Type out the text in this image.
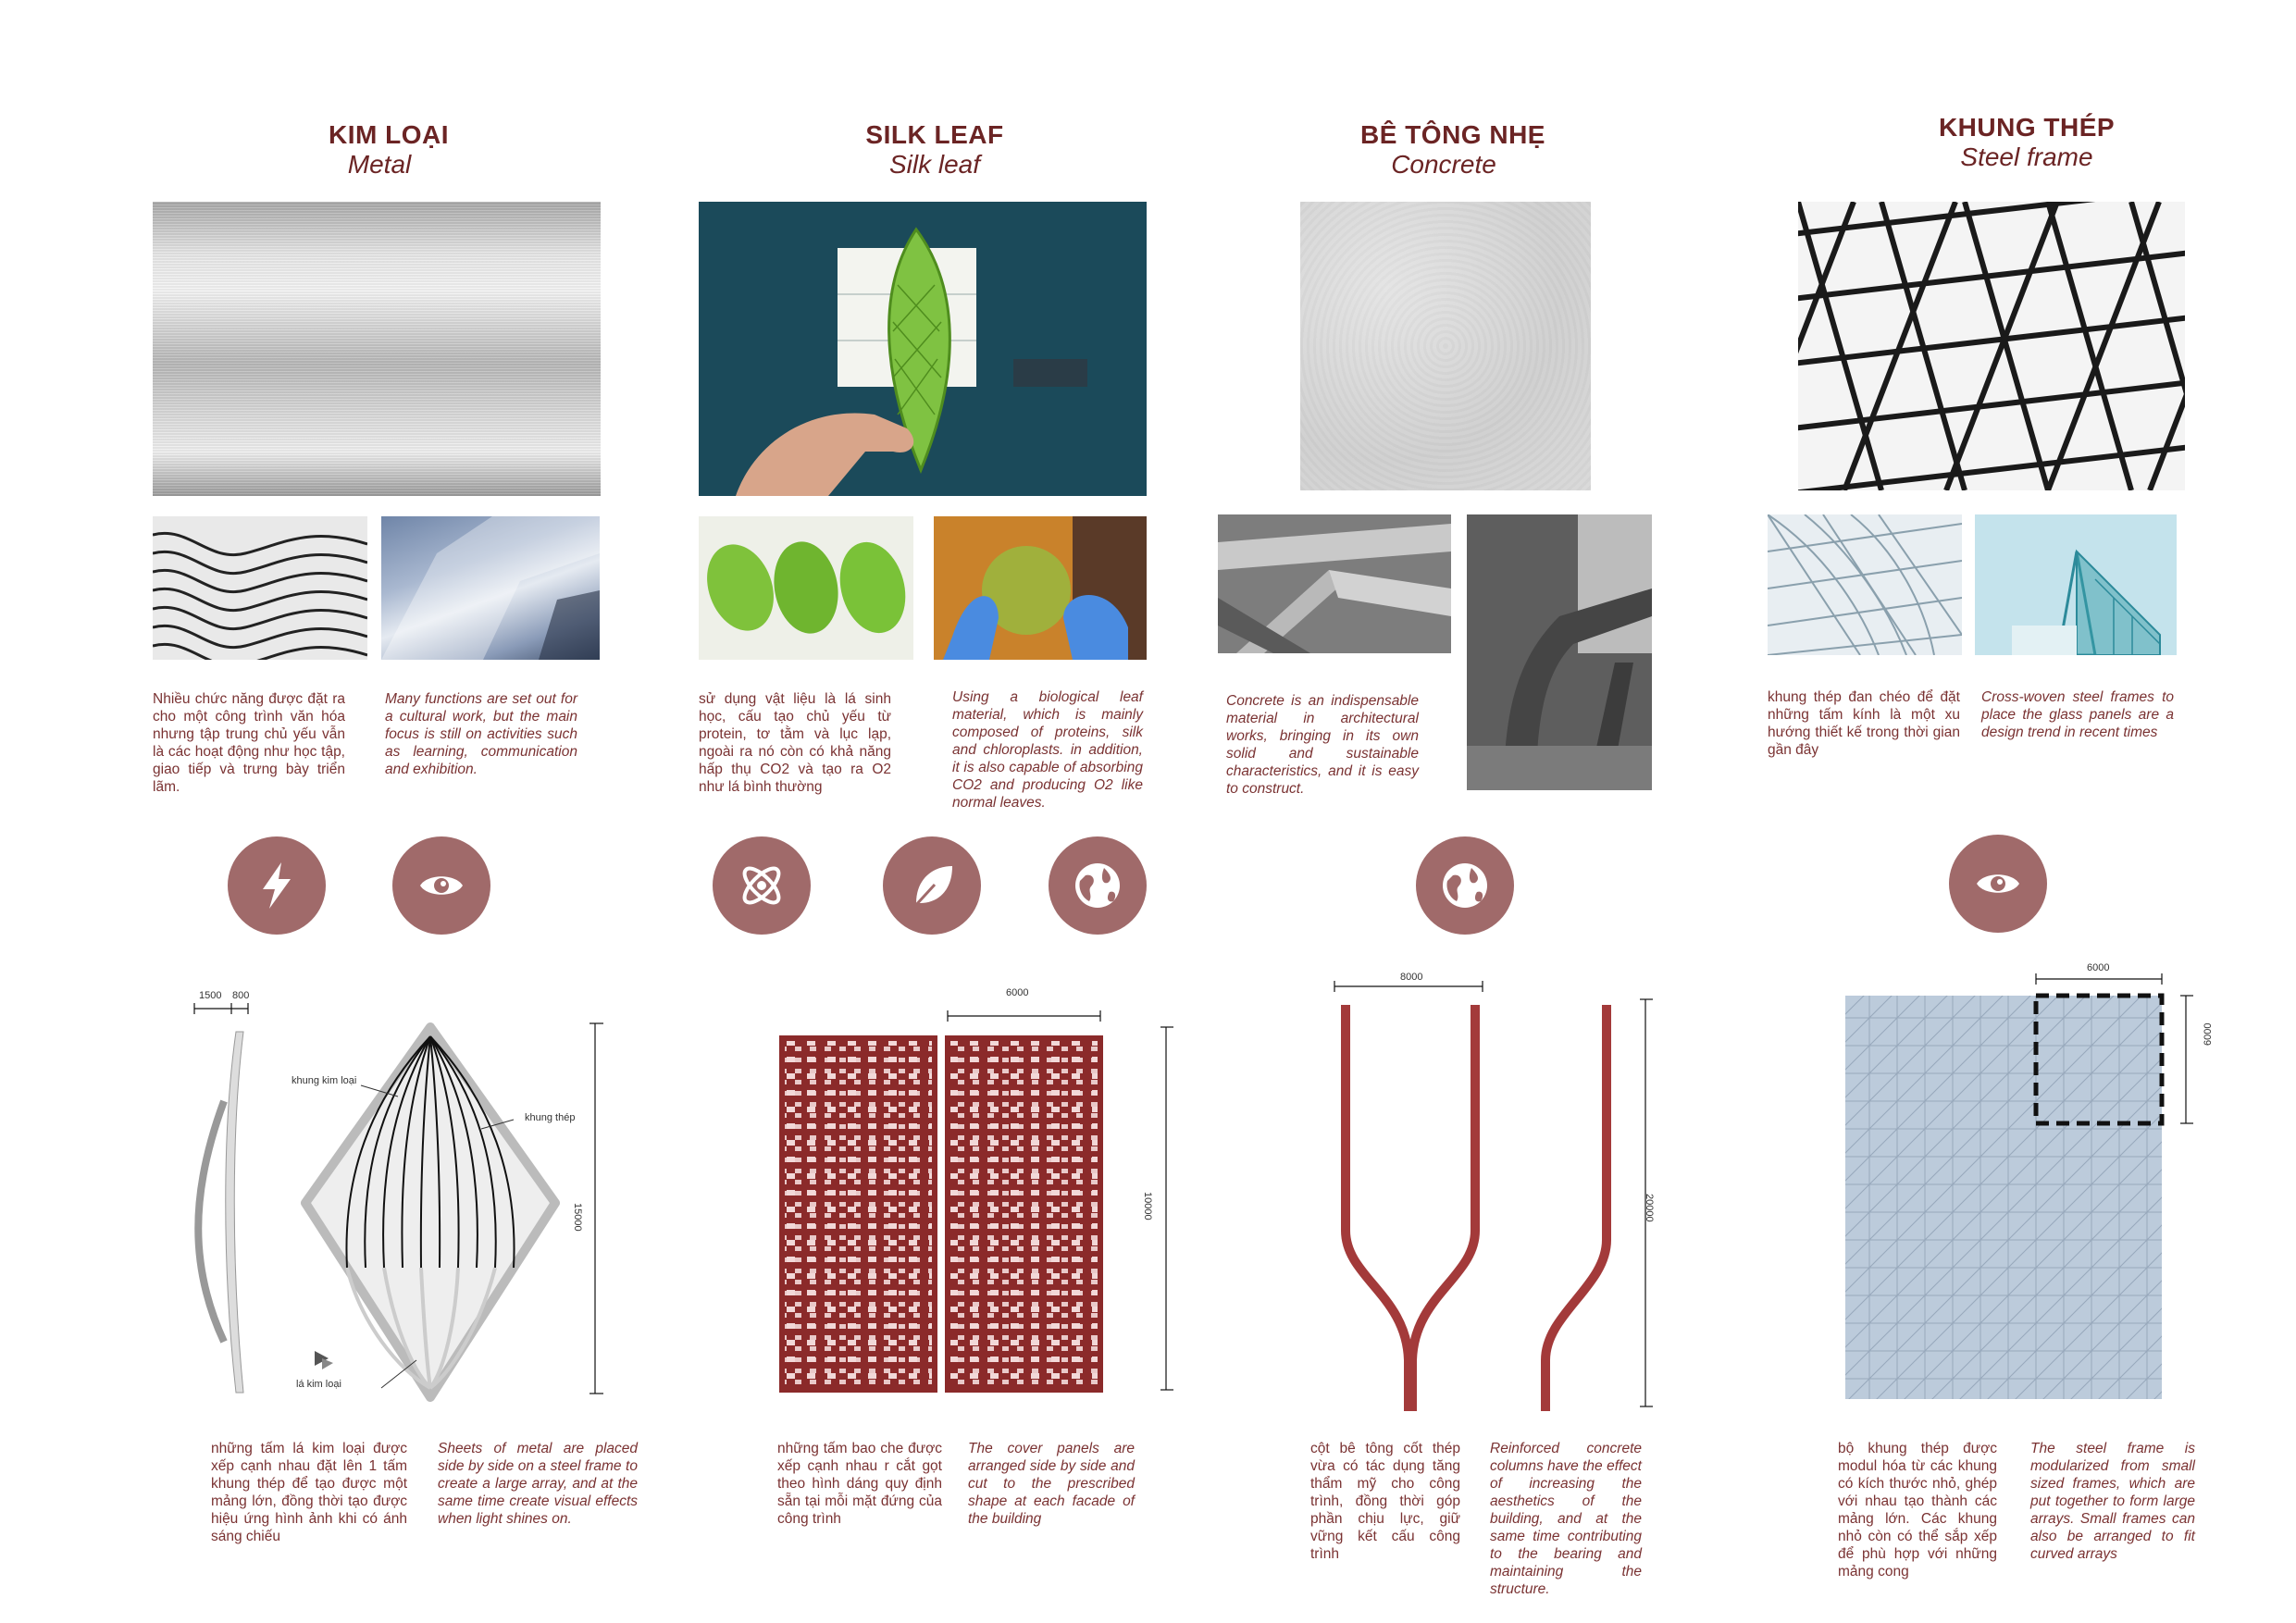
KIM LOẠI
Metal
Nhiều chức năng được đặt ra cho một công trình văn hóa nhưng tập trung chủ yếu vẫn là các hoạt động như học tập, giao tiếp và trưng bày triển lãm.
Many functions are set out for a cultural work, but the main focus is still on activities such as learning, communication and exhibition.
1500 800
15000
khung kim loại
khung thép
lá kim loại
những tấm lá kim loại được xếp cạnh nhau đặt lên 1 tấm khung thép để tạo được một mảng lớn, đồng thời tạo được hiệu ứng hình ảnh khi có ánh sáng chiếu
Sheets of metal are placed side by side on a steel frame to create a large array, and at the same time create visual effects when light shines on.
SILK LEAF
Silk leaf
sử dụng vật liệu là lá sinh học, cấu tạo chủ yếu từ protein, tơ tằm và lục lạp, ngoài ra nó còn có khả năng hấp thụ CO2 và tạo ra O2 như lá bình thường
Using a biological leaf material, which is mainly composed of proteins, silk and chloroplasts. in addition, it is also capable of absorbing CO2 and producing O2 like normal leaves.
6000
10000
những tấm bao che được xếp cạnh nhau r cắt gọt theo hình dáng quy định sẵn tại mỗi mặt đứng của công trình
The cover panels are arranged side by side and cut to the prescribed shape at each facade of the building
BÊ TÔNG NHẸ
Concrete
Concrete is an indispensable material in architectural works, bringing in its own solid and sustainable characteristics, and it is easy to construct.
8000
20000
cột bê tông cốt thép vừa có tác dụng tăng thẩm mỹ cho công trình, đồng thời góp phần chịu lực, giữ vững kết cấu công trình
Reinforced concrete columns have the effect of increasing the aesthetics of the building, and at the same time contributing to the bearing and maintaining the structure.
KHUNG THÉP
Steel frame
khung thép đan chéo để đặt những tấm kính là một xu hướng thiết kế trong thời gian gần đây
Cross-woven steel frames to place the glass panels are a design trend in recent times
6000
6000
bộ khung thép được modul hóa từ các khung có kích thước nhỏ, ghép với nhau tạo thành các mảng lớn. Các khung nhỏ còn có thể sắp xếp để phù hợp với những mảng cong
The steel frame is modularized from small sized frames, which are put together to form large arrays. Small frames can also be arranged to fit curved arrays
